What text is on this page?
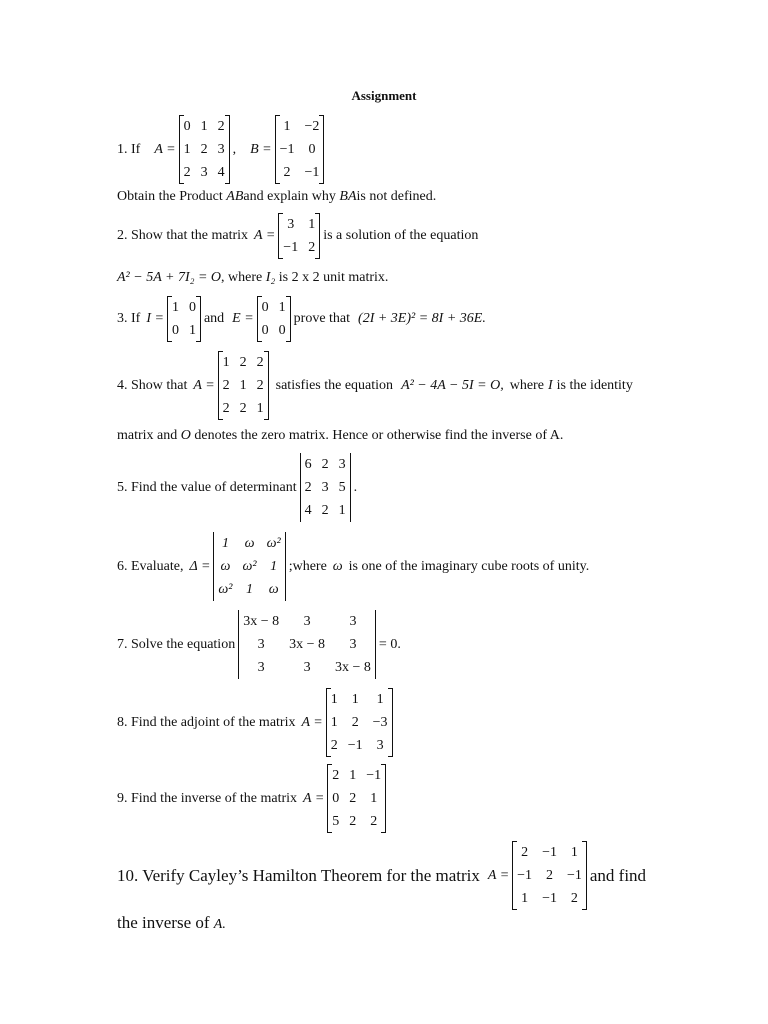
Assignment
1. If A =
0	1	2
1	2	3
2	3	4
, B =
1	−2
−1	0
2	−1
Obtain the Product ABand explain why BAis not defined.
2. Show that the matrix A =
3	1
−1	2
is a solution of the equation
A² − 5A + 7I₂ = O, where I₂ is 2 x 2 unit matrix.
3. If I =
1	0
0	1
and E =
0	1
0	0
prove that (2I + 3E)² = 8I + 36E.
4. Show that A =
1	2	2
2	1	2
2	2	1
satisfies the equation A² − 4A − 5I = O, where I is the identity
matrix and O denotes the zero matrix. Hence or otherwise find the inverse of A.
5. Find the value of determinant
6	2	3
2	3	5
4	2	1
.
6. Evaluate, Δ =
1	ω	ω²
ω	ω²	1
ω²	1	ω
;where ω is one of the imaginary cube roots of unity.
7. Solve the equation
3x − 8	3	3
3	3x − 8	3
3	3	3x − 8
= 0.
8. Find the adjoint of the matrix A =
1	1	1
1	2	−3
2	−1	3
9. Find the inverse of the matrix A =
2	1	−1
0	2	1
5	2	2
10. Verify Cayley’s Hamilton Theorem for the matrix A =
2	−1	1
−1	2	−1
1	−1	2
and find
the inverse of A.
